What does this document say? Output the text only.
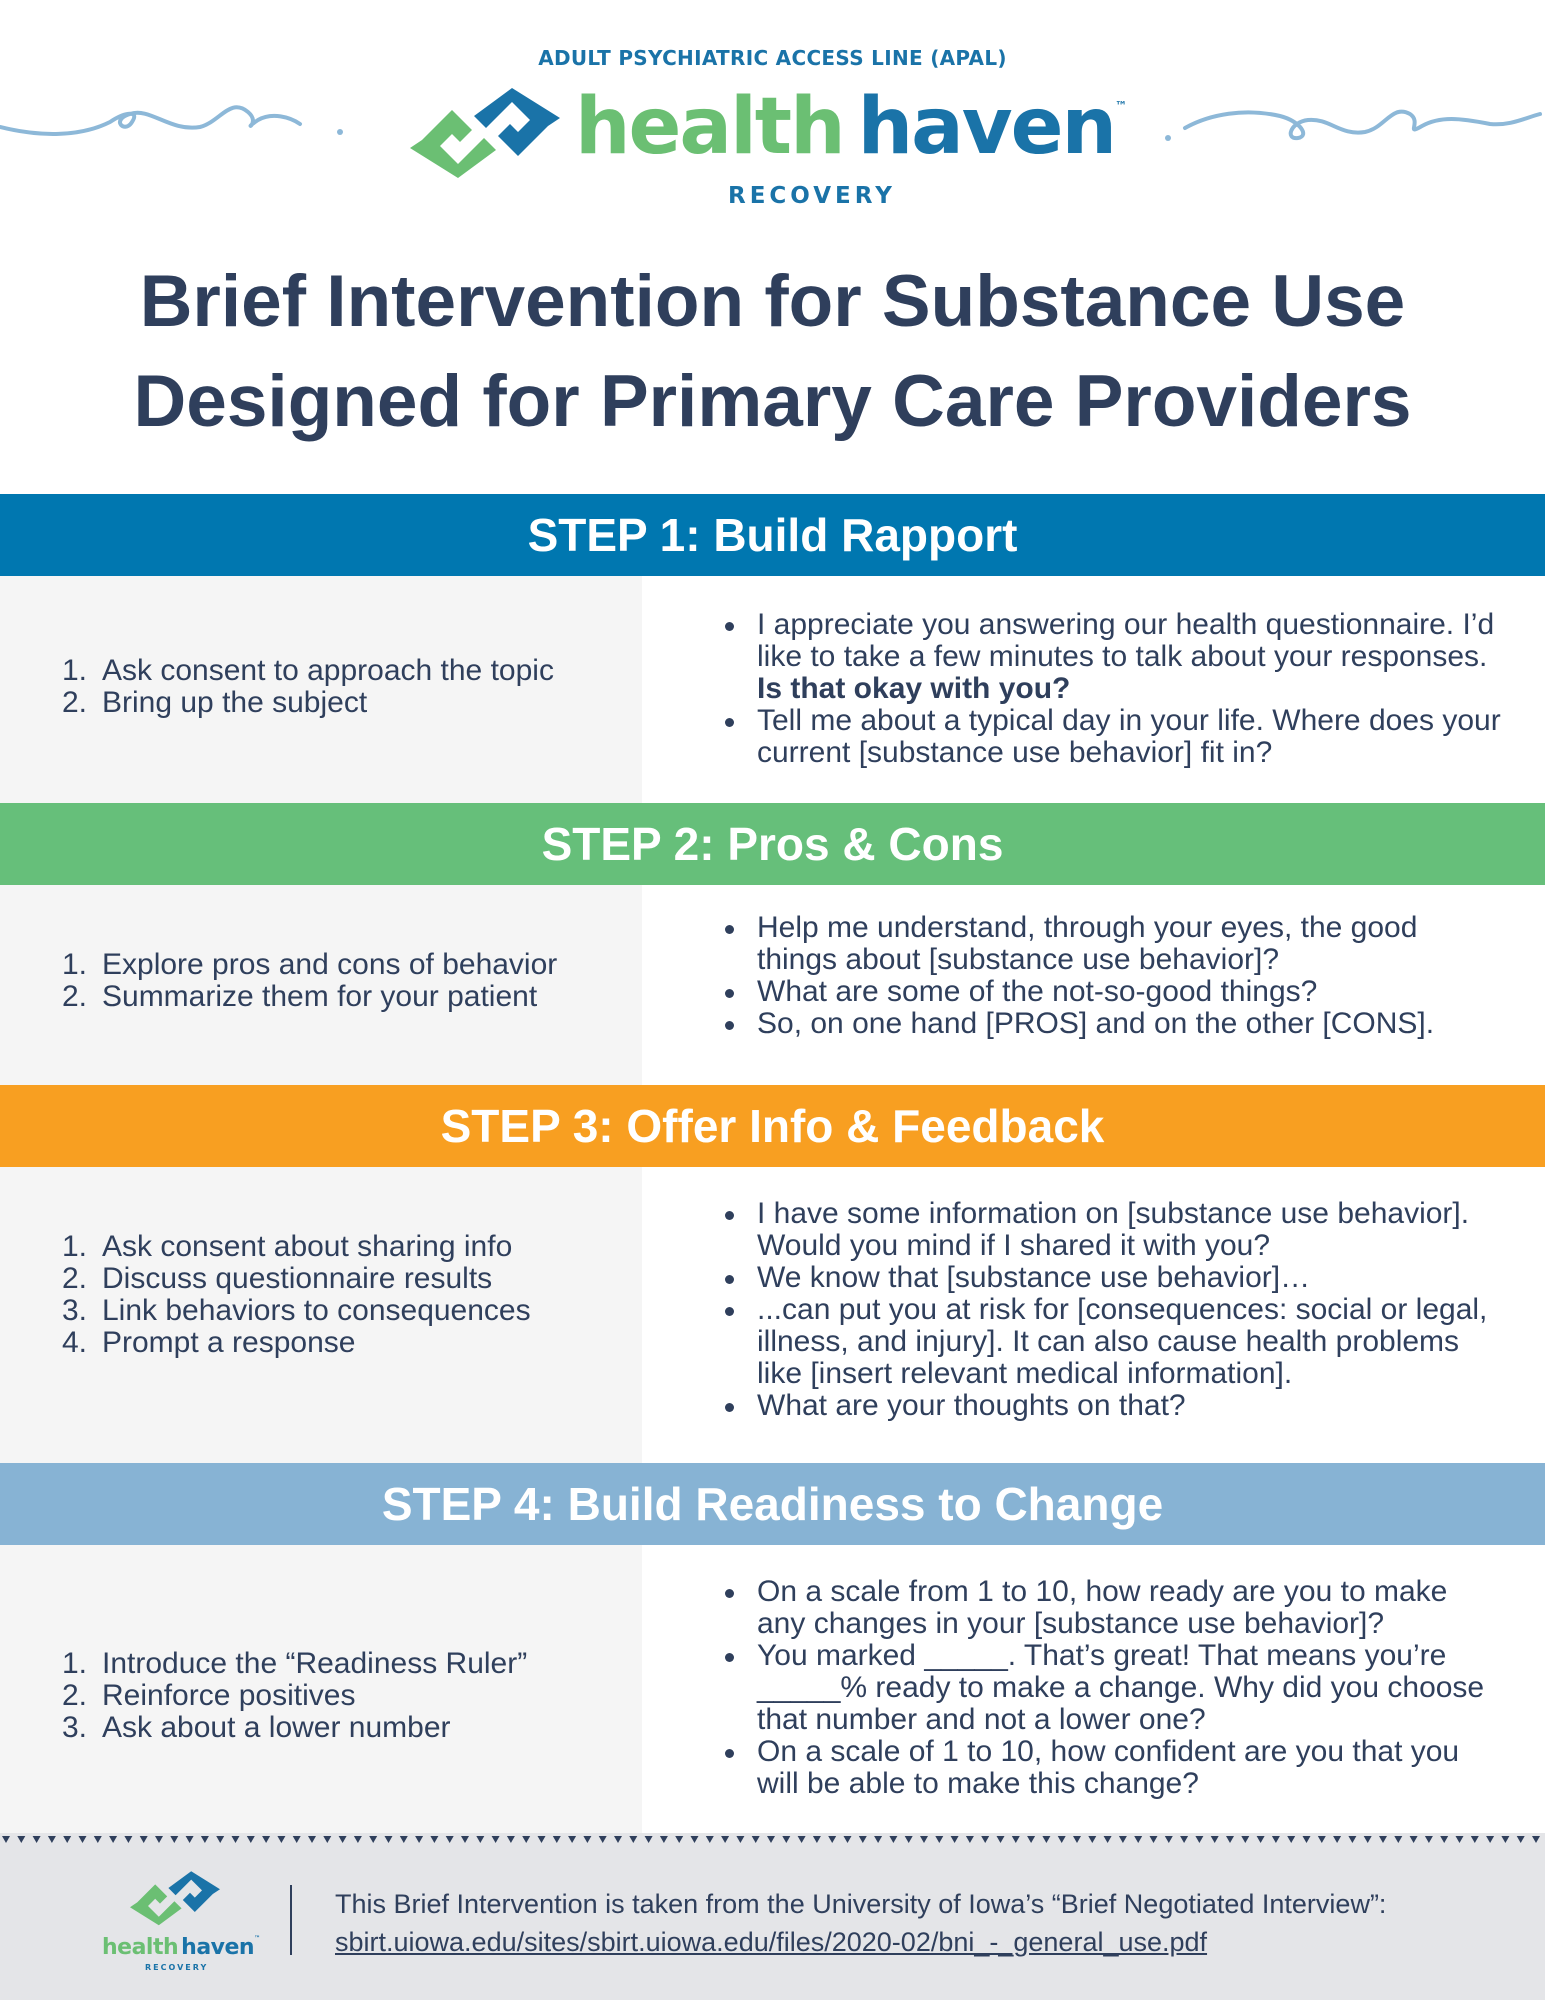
ADULT PSYCHIATRIC ACCESS LINE (APAL)
health haven™
RECOVERY
Brief Intervention for Substance Use
Designed for Primary Care Providers
STEP 1: Build Rapport
1. Ask consent to approach the topic
2. Bring up the subject
I appreciate you answering our health questionnaire. I’d like to take a few minutes to talk about your responses. Is that okay with you?
Tell me about a typical day in your life. Where does your current [substance use behavior] fit in?
STEP 2: Pros & Cons
1. Explore pros and cons of behavior
2. Summarize them for your patient
Help me understand, through your eyes, the good things about [substance use behavior]?
What are some of the not-so-good things?
So, on one hand [PROS] and on the other [CONS].
STEP 3: Offer Info & Feedback
1. Ask consent about sharing info
2. Discuss questionnaire results
3. Link behaviors to consequences
4. Prompt a response
I have some information on [substance use behavior]. Would you mind if I shared it with you?
We know that [substance use behavior]…
...can put you at risk for [consequences: social or legal, illness, and injury]. It can also cause health problems like [insert relevant medical information].
What are your thoughts on that?
STEP 4: Build Readiness to Change
1. Introduce the “Readiness Ruler”
2. Reinforce positives
3. Ask about a lower number
On a scale from 1 to 10, how ready are you to make any changes in your [substance use behavior]?
You marked _____. That’s great! That means you’re _____% ready to make a change. Why did you choose that number and not a lower one?
On a scale of 1 to 10, how confident are you that you will be able to make this change?
health haven™
RECOVERY
This Brief Intervention is taken from the University of Iowa’s “Brief Negotiated Interview”:
sbirt.uiowa.edu/sites/sbirt.uiowa.edu/files/2020-02/bni_-_general_use.pdf
